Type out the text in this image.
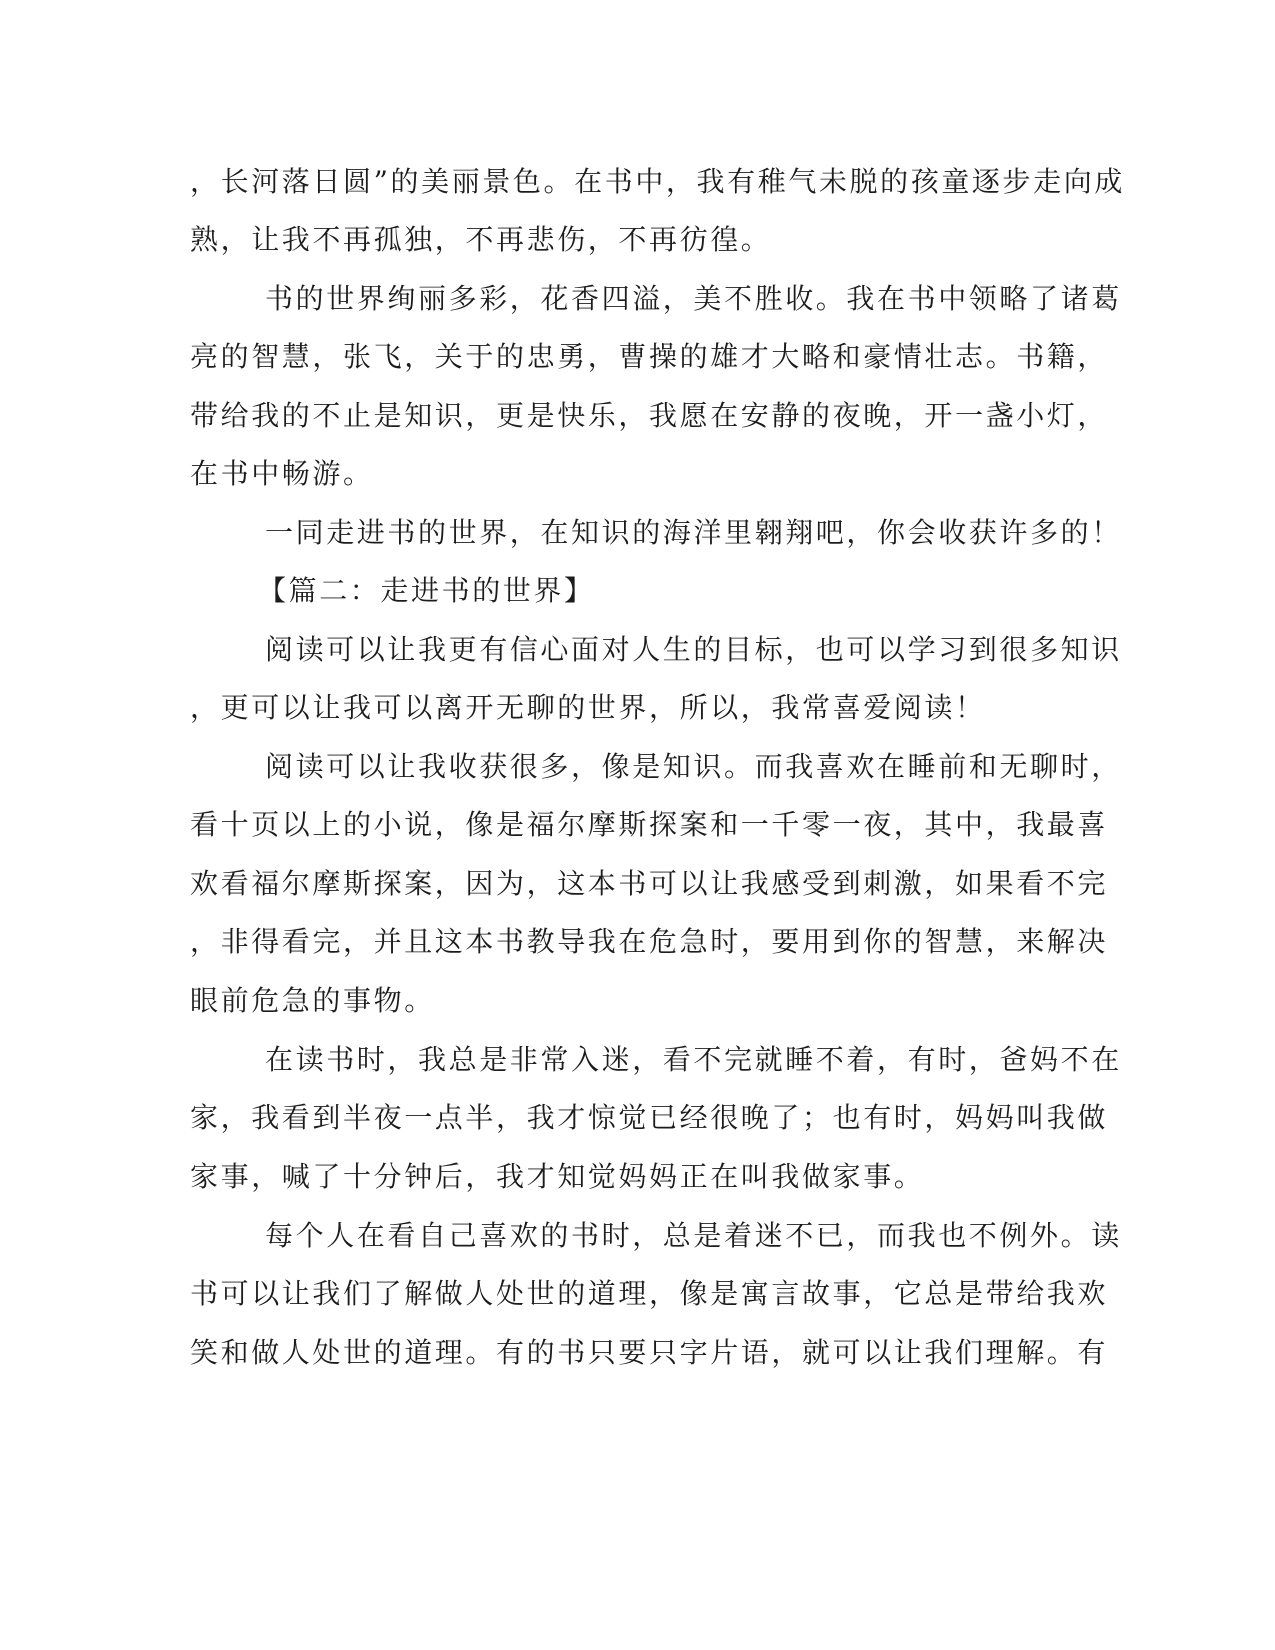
，长河落日圆”的美丽景色。在书中，我有稚气未脱的孩童逐步走向成
熟，让我不再孤独，不再悲伤，不再彷徨。
书的世界绚丽多彩，花香四溢，美不胜收。我在书中领略了诸葛
亮的智慧，张飞，关于的忠勇，曹操的雄才大略和豪情壮志。书籍，
带给我的不止是知识，更是快乐，我愿在安静的夜晚，开一盏小灯，
在书中畅游。
一同走进书的世界，在知识的海洋里翱翔吧，你会收获许多的！
【篇二：走进书的世界】
阅读可以让我更有信心面对人生的目标，也可以学习到很多知识
，更可以让我可以离开无聊的世界，所以，我常喜爱阅读！
阅读可以让我收获很多，像是知识。而我喜欢在睡前和无聊时，
看十页以上的小说，像是福尔摩斯探案和一千零一夜，其中，我最喜
欢看福尔摩斯探案，因为，这本书可以让我感受到刺激，如果看不完
，非得看完，并且这本书教导我在危急时，要用到你的智慧，来解决
眼前危急的事物。
在读书时，我总是非常入迷，看不完就睡不着，有时，爸妈不在
家，我看到半夜一点半，我才惊觉已经很晚了；也有时，妈妈叫我做
家事，喊了十分钟后，我才知觉妈妈正在叫我做家事。
每个人在看自己喜欢的书时，总是着迷不已，而我也不例外。读
书可以让我们了解做人处世的道理，像是寓言故事，它总是带给我欢
笑和做人处世的道理。有的书只要只字片语，就可以让我们理解。有
